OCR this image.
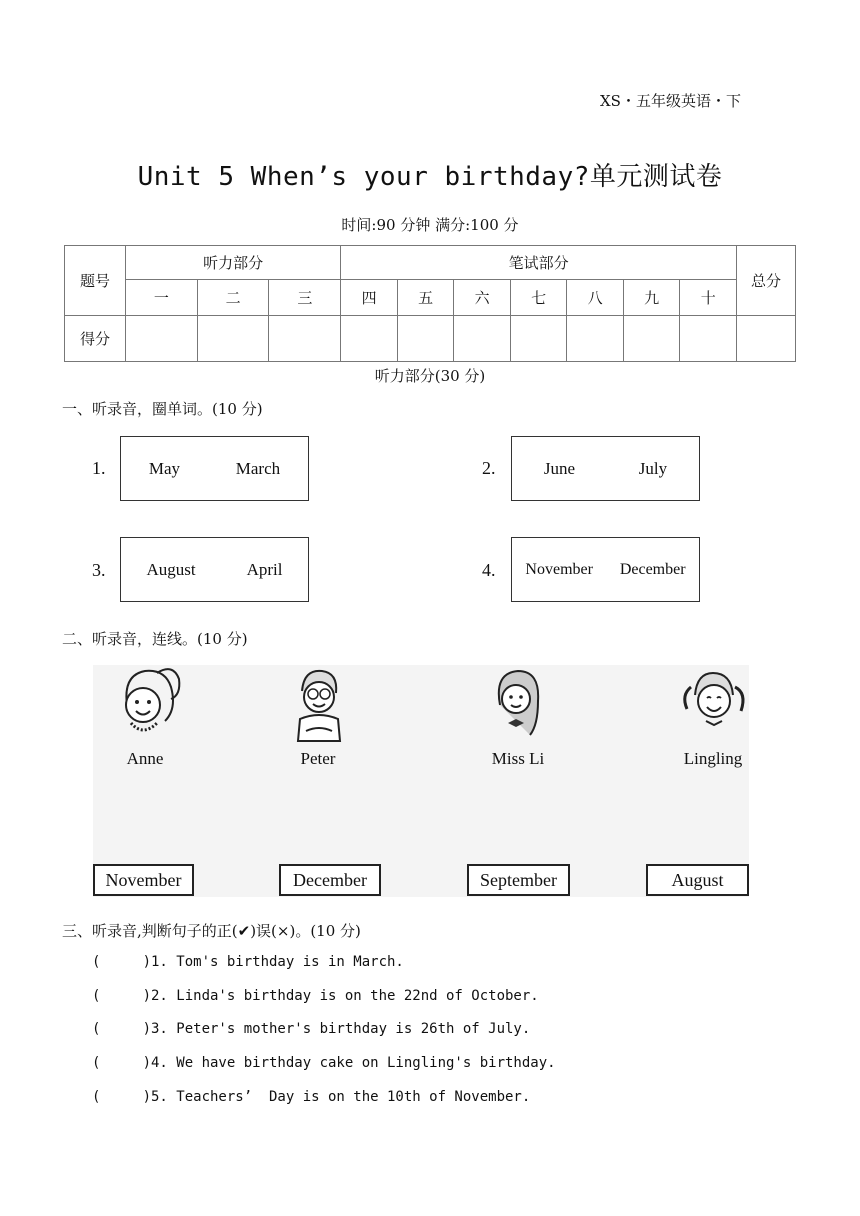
XS・五年级英语・下
Unit 5 When’s your birthday?单元测试卷
时间:90 分钟 满分:100 分
题号	听力部分			笔试部分							总分
	一	二	三	四	五	六	七	八	九	十	
得分											
听力部分(30 分)
一、听录音，圈单词。(10 分)
1.	May	March	2.	June	July
3. August	April	4. November December
二、听录音，连线。(10 分)
Anne	Peter	Miss Li	Lingling
November	December	September	August
三、听录音,判断句子的正(✔)误(×)。(10 分)
(     )1. Tom's birthday is in March.
(     )2. Linda's birthday is on the 22nd of October.
(     )3. Peter's mother's birthday is 26th of July.
(     )4. We have birthday cake on Lingling's birthday.
(     )5. Teachers’  Day is on the 10th of November.
